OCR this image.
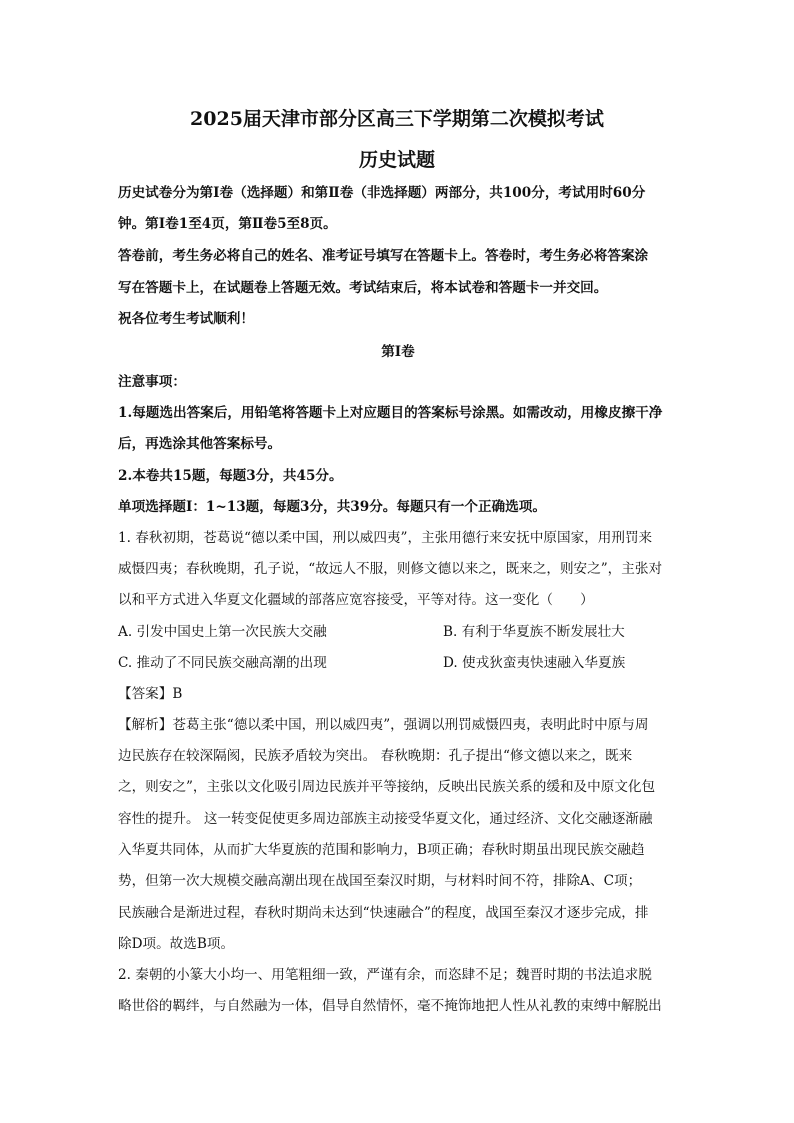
2025届天津市部分区高三下学期第二次模拟考试
历史试题
历史试卷分为第Ⅰ卷（选择题）和第Ⅱ卷（非选择题）两部分，共100分，考试用时60分
钟。第Ⅰ卷1至4页，第Ⅱ卷5至8页。
答卷前，考生务必将自己的姓名、准考证号填写在答题卡上。答卷时，考生务必将答案涂
写在答题卡上，在试题卷上答题无效。考试结束后，将本试卷和答题卡一并交回。
祝各位考生考试顺利！
第Ⅰ卷
注意事项：
1.每题选出答案后，用铅笔将答题卡上对应题目的答案标号涂黑。如需改动，用橡皮擦干净
后，再选涂其他答案标号。
2.本卷共15题，每题3分，共45分。
单项选择题Ⅰ：1~13题，每题3分，共39分。每题只有一个正确选项。
1. 春秋初期，苍葛说“德以柔中国，刑以威四夷”，主张用德行来安抚中原国家，用刑罚来
威慑四夷；春秋晚期，孔子说，“故远人不服，则修文德以来之，既来之，则安之”，主张对
以和平方式进入华夏文化疆域的部落应宽容接受，平等对待。这一变化（　　）
A. 引发中国史上第一次民族大交融	B. 有利于华夏族不断发展壮大
C. 推动了不同民族交融高潮的出现	D. 使戎狄蛮夷快速融入华夏族
【答案】B
【解析】苍葛主张“德以柔中国，刑以威四夷”，强调以刑罚威慑四夷，表明此时中原与周
边民族存在较深隔阂，民族矛盾较为突出。 春秋晚期：孔子提出“修文德以来之，既来
之，则安之”，主张以文化吸引周边民族并平等接纳，反映出民族关系的缓和及中原文化包
容性的提升。 这一转变促使更多周边部族主动接受华夏文化，通过经济、文化交融逐渐融
入华夏共同体，从而扩大华夏族的范围和影响力，B项正确；春秋时期虽出现民族交融趋
势，但第一次大规模交融高潮出现在战国至秦汉时期，与材料时间不符，排除A、C项；
民族融合是渐进过程，春秋时期尚未达到“快速融合”的程度，战国至秦汉才逐步完成，排
除D项。故选B项。
2. 秦朝的小篆大小均一、用笔粗细一致，严谨有余，而恣肆不足；魏晋时期的书法追求脱
略世俗的羁绊，与自然融为一体，倡导自然情怀，毫不掩饰地把人性从礼教的束缚中解脱出
